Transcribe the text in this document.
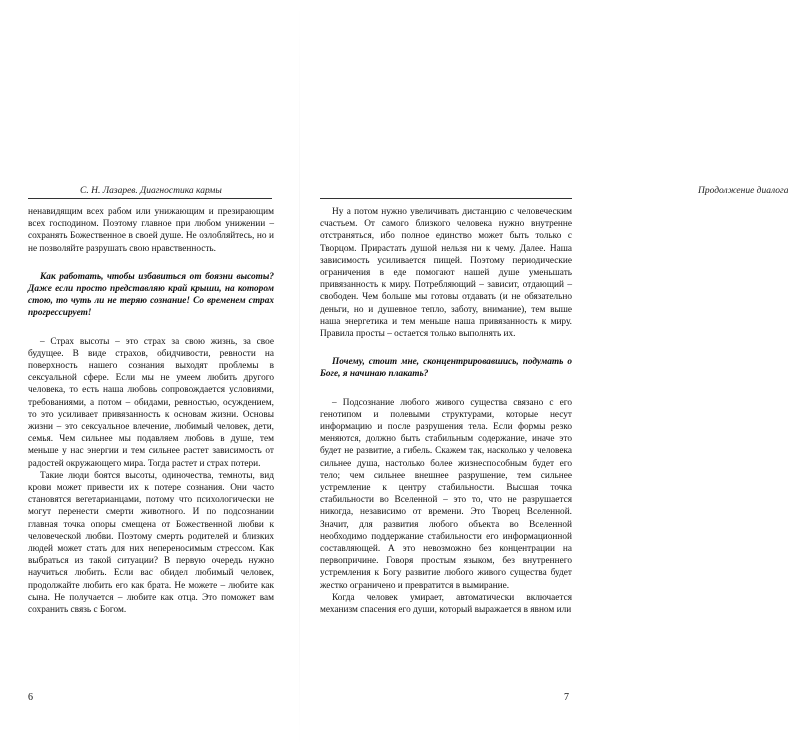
С. Н. Лазарев. Диагностика кармы

ненавидящим всех рабом или унижающим и презирающим всех господином. Поэтому главное при любом унижении – сохранять Божественное в своей душе. Не озлобляйтесь, но и не позволяйте разрушать свою нравственность.

Как работать, чтобы избавиться от боязни высоты? Даже если просто представляю край крыши, на котором стою, то чуть ли не теряю сознание! Со временем страх прогрессирует!

– Страх высоты – это страх за свою жизнь, за свое будущее. В виде страхов, обидчивости, ревности на поверхность нашего сознания выходят проблемы в сексуальной сфере. Если мы не умеем любить другого человека, то есть наша любовь сопровождается условиями, требованиями, а потом – обидами, ревностью, осуждением, то это усиливает привязанность к основам жизни. Основы жизни – это сексуальное влечение, любимый человек, дети, семья. Чем сильнее мы подавляем любовь в душе, тем меньше у нас энергии и тем сильнее растет зависимость от радостей окружающего мира. Тогда растет и страх потери.

Такие люди боятся высоты, одиночества, темноты, вид крови может привести их к потере сознания. Они часто становятся вегетарианцами, потому что психологически не могут перенести смерти животного. И по подсознании главная точка опоры смещена от Божественной любви к человеческой любви. Поэтому смерть родителей и близких людей может стать для них непереносимым стрессом. Как выбраться из такой ситуации? В первую очередь нужно научиться любить. Если вас обидел любимый человек, продолжайте любить его как брата. Не можете – любите как сына. Не получается – любите как отца. Это поможет вам сохранить связь с Богом.

6
Продолжение диалога

Ну а потом нужно увеличивать дистанцию с человеческим счастьем. От самого близкого человека нужно внутренне отстраняться, ибо полное единство может быть только с Творцом. Прирастать душой нельзя ни к чему. Далее. Наша зависимость усиливается пищей. Поэтому периодические ограничения в еде помогают нашей душе уменьшать привязанность к миру. Потребляющий – зависит, отдающий – свободен. Чем больше мы готовы отдавать (и не обязательно деньги, но и душевное тепло, заботу, внимание), тем выше наша энергетика и тем меньше наша привязанность к миру. Правила просты – остается только выполнять их.

Почему, стоит мне, сконцентрировавшись, подумать о Боге, я начинаю плакать?

– Подсознание любого живого существа связано с его генотипом и полевыми структурами, которые несут информацию и после разрушения тела. Если формы резко меняются, должно быть стабильным содержание, иначе это будет не развитие, а гибель. Скажем так, насколько у человека сильнее душа, настолько более жизнеспособным будет его тело; чем сильнее внешнее разрушение, тем сильнее устремление к центру стабильности. Высшая точка стабильности во Вселенной – это то, что не разрушается никогда, независимо от времени. Это Творец Вселенной. Значит, для развития любого объекта во Вселенной необходимо поддержание стабильности его информационной составляющей. А это невозможно без концентрации на первопричине. Говоря простым языком, без внутреннего устремления к Богу развитие любого живого существа будет жестко ограничено и превратится в вымирание.

Когда человек умирает, автоматически включается механизм спасения его души, который выражается в явном или

7
